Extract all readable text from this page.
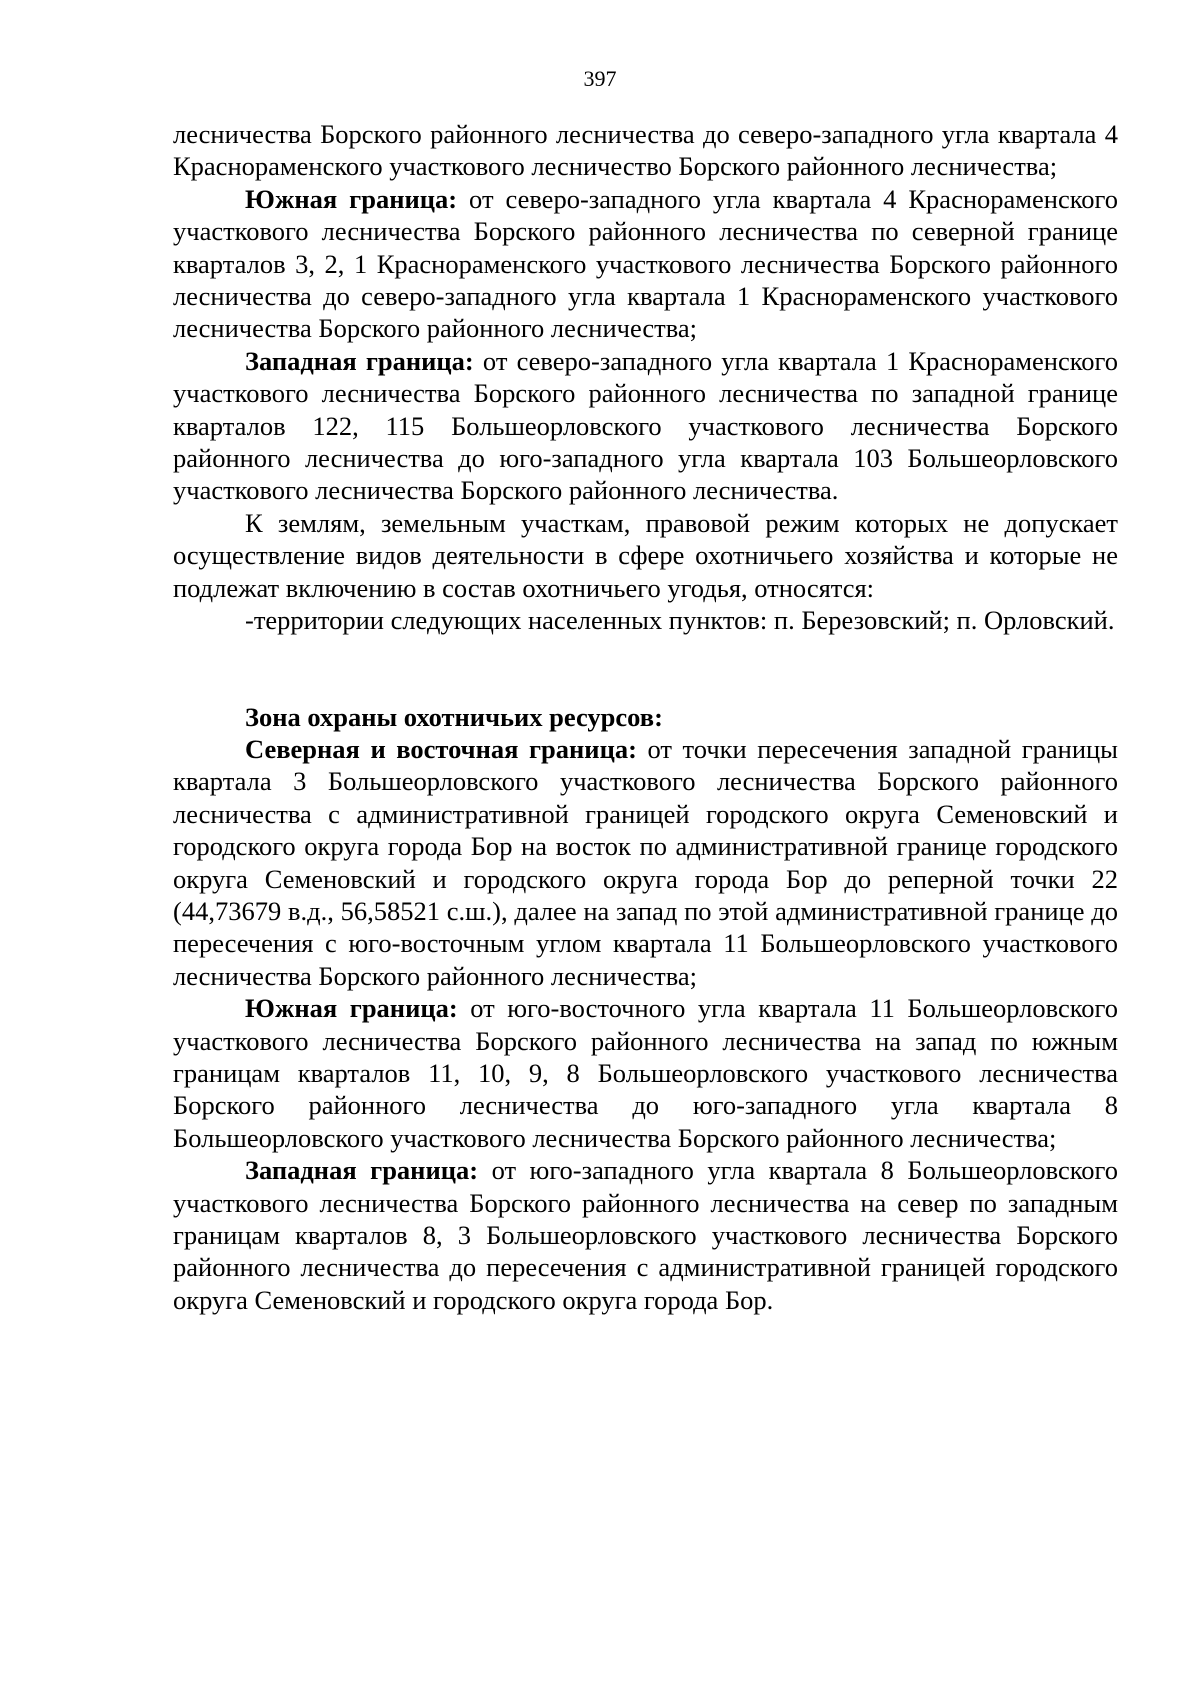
397

лесничества Борского районного лесничества до северо-западного угла квартала 4 Краснораменского участкового лесничество Борского районного лесничества;

Южная граница: от северо-западного угла квартала 4 Краснораменского участкового лесничества Борского районного лесничества по северной границе кварталов 3, 2, 1 Краснораменского участкового лесничества Борского районного лесничества до северо-западного угла квартала 1 Краснораменского участкового лесничества Борского районного лесничества;

Западная граница: от северо-западного угла квартала 1 Краснораменского участкового лесничества Борского районного лесничества по западной границе кварталов 122, 115 Большеорловского участкового лесничества Борского районного лесничества до юго-западного угла квартала 103 Большеорловского участкового лесничества Борского районного лесничества.

К землям, земельным участкам, правовой режим которых не допускает осуществление видов деятельности в сфере охотничьего хозяйства и которые не подлежат включению в состав охотничьего угодья, относятся:

-территории следующих населенных пунктов: п. Березовский; п. Орловский.

Зона охраны охотничьих ресурсов:

Северная и восточная граница: от точки пересечения западной границы квартала 3 Большеорловского участкового лесничества Борского районного лесничества с административной границей городского округа Семеновский и городского округа города Бор на восток по административной границе городского округа Семеновский и городского округа города Бор до реперной точки 22 (44,73679 в.д., 56,58521 с.ш.), далее на запад по этой административной границе до пересечения с юго-восточным углом квартала 11 Большеорловского участкового лесничества Борского районного лесничества;

Южная граница: от юго-восточного угла квартала 11 Большеорловского участкового лесничества Борского районного лесничества на запад по южным границам кварталов 11, 10, 9, 8 Большеорловского участкового лесничества Борского районного лесничества до юго-западного угла квартала 8 Большеорловского участкового лесничества Борского районного лесничества;

Западная граница: от юго-западного угла квартала 8 Большеорловского участкового лесничества Борского районного лесничества на север по западным границам кварталов 8, 3 Большеорловского участкового лесничества Борского районного лесничества до пересечения с административной границей городского округа Семеновский и городского округа города Бор.
